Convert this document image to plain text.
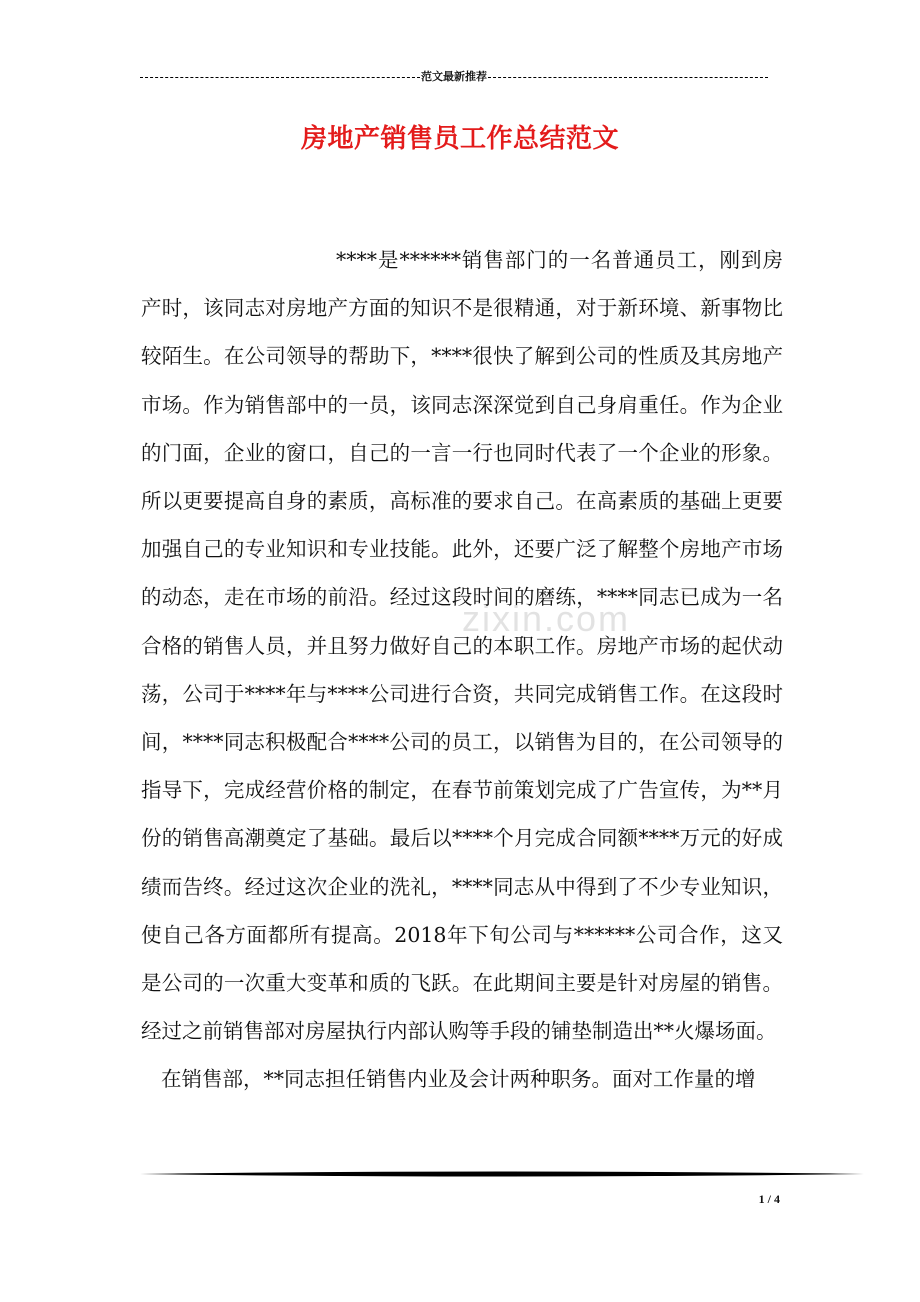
范文最新推荐
房地产销售员工作总结范文
zixin.com

****是******销售部门的一名普通员工，刚到房产时，该同志对房地产方面的知识不是很精通，对于新环境、新事物比较陌生。在公司领导的帮助下，****很快了解到公司的性质及其房地产市场。作为销售部中的一员，该同志深深觉到自己身肩重任。作为企业的门面，企业的窗口，自己的一言一行也同时代表了一个企业的形象。所以更要提高自身的素质，高标准的要求自己。在高素质的基础上更要加强自己的专业知识和专业技能。此外，还要广泛了解整个房地产市场的动态，走在市场的前沿。经过这段时间的磨练，****同志已成为一名合格的销售人员，并且努力做好自己的本职工作。房地产市场的起伏动荡，公司于****年与****公司进行合资，共同完成销售工作。在这段时间，****同志积极配合****公司的员工，以销售为目的，在公司领导的指导下，完成经营价格的制定，在春节前策划完成了广告宣传，为**月份的销售高潮奠定了基础。最后以****个月完成合同额****万元的好成绩而告终。经过这次企业的洗礼，****同志从中得到了不少专业知识，使自己各方面都所有提高。2018年下旬公司与******公司合作，这又是公司的一次重大变革和质的飞跃。在此期间主要是针对房屋的销售。经过之前销售部对房屋执行内部认购等手段的铺垫制造出**火爆场面。

在销售部，**同志担任销售内业及会计两种职务。面对工作量的增

1 / 4
